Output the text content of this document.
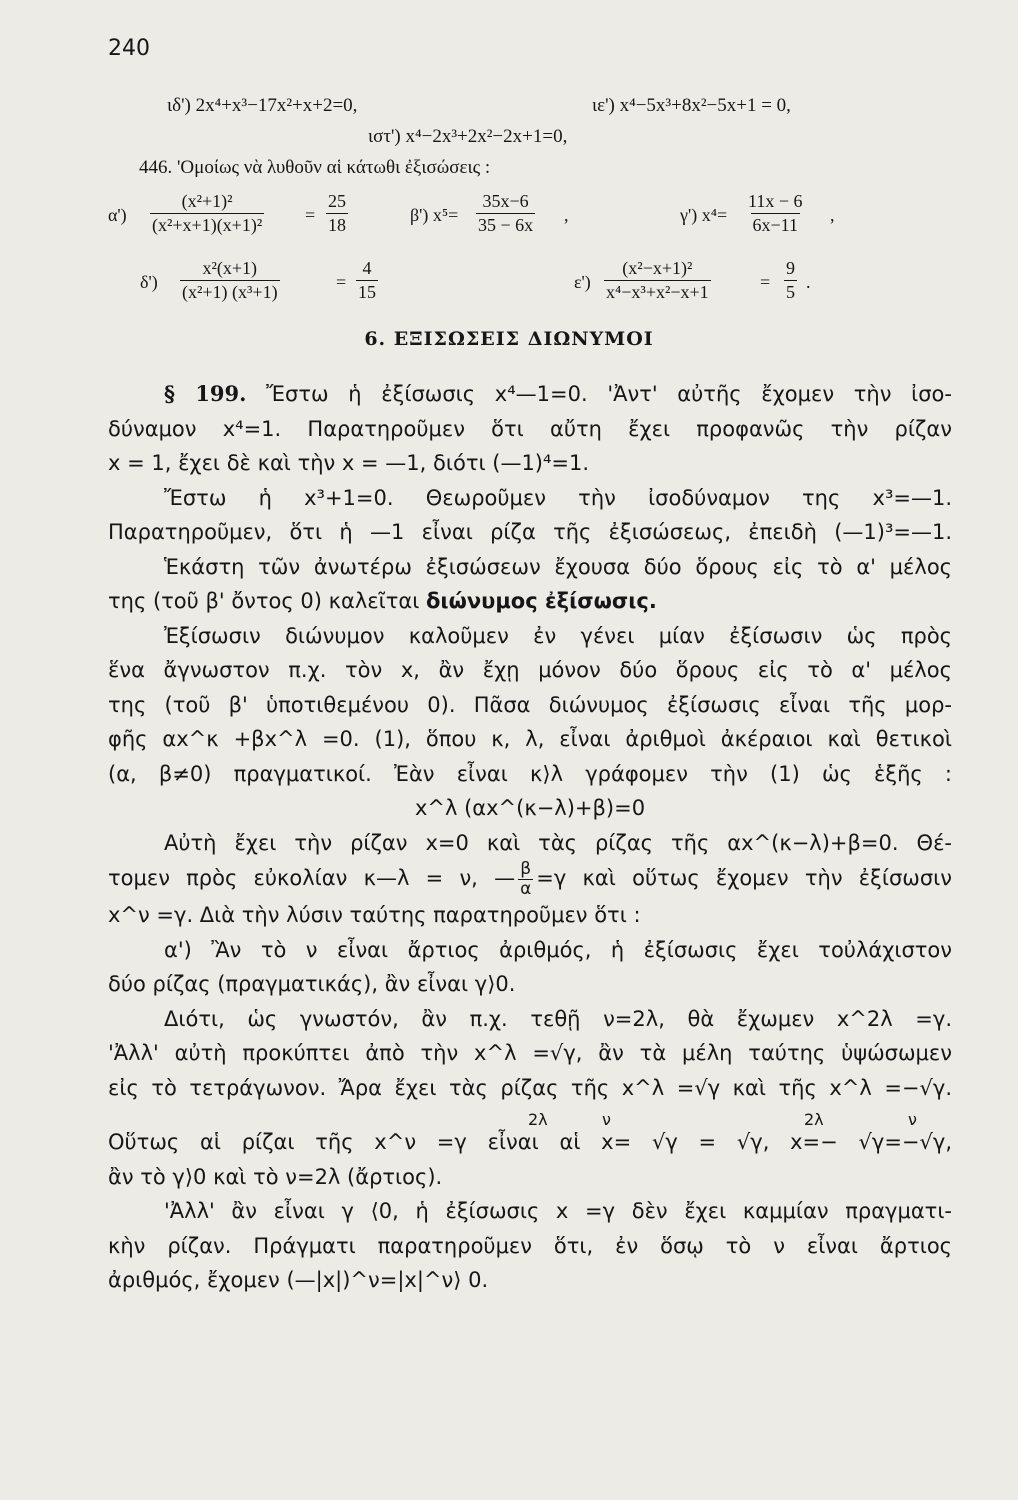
240
ιδ') 2x⁴+x³−17x²+x+2=0,	ιε') x⁴−5x³+8x²−5x+1 = 0,
ιστ') x⁴−2x³+2x²−2x+1=0,
446. 'Ομοίως νὰ λυθοῦν αἱ κάτωθι ἐξισώσεις :
$\alpha') \frac{\text{(x²+1)²}}{\text{(x²+x+1)(x+1)²}} = \frac{25}{18}$	β') $x^5= \frac{35x-6}{35 - 6x}$ ,	γ') $x^4= \frac{11x - 6}{6x-11}$ ,
$\delta') \frac{\text{x²(x+1)}}{\text{(x²+1) (x³+1)}}$	= $\frac{4}{15}$	$\varepsilon') \frac{\text{(x²−x+1)²}}{\text{x⁴−x³+x²−x+1}}$	= $\frac{9}{5}$ .
6. ΕΞΙΣΩΣΕΙΣ ΔΙΩΝΥΜΟΙ

§ 199. Ἔστω ἡ ἐξίσωσις x⁴—1=0. 'Ἀντ' αὐτῆς ἔχομεν τὴν ἰσο-

δύναμον x⁴=1. Παρατηροῦμεν ὅτι αὔτη ἔχει προφανῶς τὴν ρίζαν

x = 1, ἔχει δὲ καὶ τὴν x = —1, διότι (—1)⁴=1.

Ἔστω ἡ x³+1=0. Θεωροῦμεν τὴν ἰσοδύναμον της x³=—1.

Παρατηροῦμεν, ὅτι ἡ —1 εἶναι ρίζα τῆς ἐξισώσεως, ἐπειδὴ (—1)³=—1.

Ἑκάστη τῶν ἀνωτέρω ἐξισώσεων ἔχουσα δύο ὅρους εἰς τὸ α' μέλος

της (τοῦ β' ὄντος 0) καλεῖται διώνυμος ἐξίσωσις.

Ἐξίσωσιν διώνυμον καλοῦμεν ἐν γένει μίαν ἐξίσωσιν ὡς πρὸς

ἕνα ἄγνωστον π.χ. τὸν x, ἂν ἔχῃ μόνον δύο ὅρους εἰς τὸ α' μέλος

της (τοῦ β' ὑποτιθεμένου 0). Πᾶσα διώνυμος ἐξίσωσις εἶναι τῆς μορ-

φῆς αx^κ +βx^λ =0. (1), ὅπου κ, λ, εἶναι ἀριθμοὶ ἀκέραιοι καὶ θετικοὶ

(α, β≠0) πραγματικοί. Ἐὰν εἶναι κ⟩λ γράφομεν τὴν (1) ὡς ἑξῆς :

x^λ (αx^(κ−λ)+β)=0

Αὐτὴ ἔχει τὴν ρίζαν x=0 καὶ τὰς ρίζας τῆς αx^(κ−λ)+β=0. Θέ-

τομεν πρὸς εὐκολίαν κ—λ = ν, — $\frac{\beta}{\alpha} =\gamma$ καὶ οὕτως ἔχομεν τὴν ἐξίσωσιν

x^ν =γ. Διὰ τὴν λύσιν ταύτης παρατηροῦμεν ὅτι :

α') Ἂν τὸ ν εἶναι ἄρτιος ἀριθμός, ἡ ἐξίσωσις ἔχει τοὐλάχιστον

δύο ρίζας (πραγματικάς), ἂν εἶναι γ⟩0.

Διότι, ὡς γνωστόν, ἂν π.χ. τεθῇ ν=2λ, θὰ ἔχωμεν x^2λ =γ.

'Ἀλλ' αὐτὴ προκύπτει ἀπὸ τὴν x^λ =√γ, ἂν τὰ μέλη ταύτης ὑψώσωμεν

εἰς τὸ τετράγωνον. Ἄρα ἔχει τὰς ρίζας τῆς x^λ =√γ καὶ τῆς x^λ =−√γ.

2λ	ν	2λ	ν

Οὕτως αἱ ρίζαι τῆς x^ν =γ εἶναι αἱ x= √γ = √γ, x=− √γ=−√γ,

ἂν τὸ γ⟩0 καὶ τὸ ν=2λ (ἄρτιος).

'Ἀλλ' ἂν εἶναι γ ⟨0, ἡ ἐξίσωσις x =γ δὲν ἔχει καμμίαν πραγματι-

κὴν ρίζαν. Πράγματι παρατηροῦμεν ὅτι, ἐν ὅσῳ τὸ ν εἶναι ἄρτιος

ἀριθμός, ἔχομεν (—|x|)^ν=|x|^ν⟩ 0.
